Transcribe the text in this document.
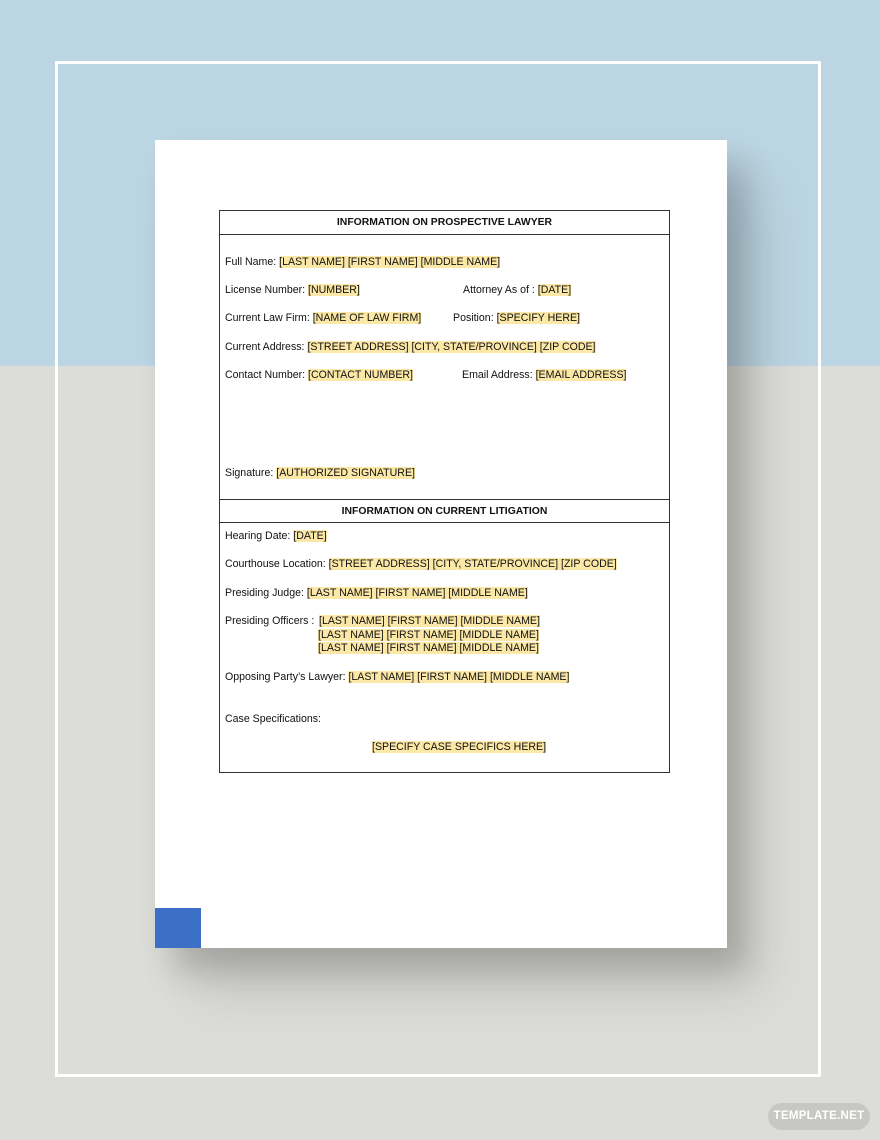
INFORMATION ON PROSPECTIVE LAWYER
Full Name: [LAST NAME] [FIRST NAME] [MIDDLE NAME]
License Number: [NUMBER]	Attorney As of : [DATE]
Current Law Firm: [NAME OF LAW FIRM]	Position: [SPECIFY HERE]
Current Address: [STREET ADDRESS] [CITY, STATE/PROVINCE] [ZIP CODE]
Contact Number: [CONTACT NUMBER]	Email Address: [EMAIL ADDRESS]
Signature: [AUTHORIZED SIGNATURE]
INFORMATION ON CURRENT LITIGATION
Hearing Date: [DATE]
Courthouse Location: [STREET ADDRESS] [CITY, STATE/PROVINCE] [ZIP CODE]
Presiding Judge: [LAST NAME] [FIRST NAME] [MIDDLE NAME]
Presiding Officers : [LAST NAME] [FIRST NAME] [MIDDLE NAME]
[LAST NAME] [FIRST NAME] [MIDDLE NAME]
[LAST NAME] [FIRST NAME] [MIDDLE NAME]
Opposing Party’s Lawyer: [LAST NAME] [FIRST NAME] [MIDDLE NAME]
Case Specifications:
[SPECIFY CASE SPECIFICS HERE]
TEMPLATE.NET
